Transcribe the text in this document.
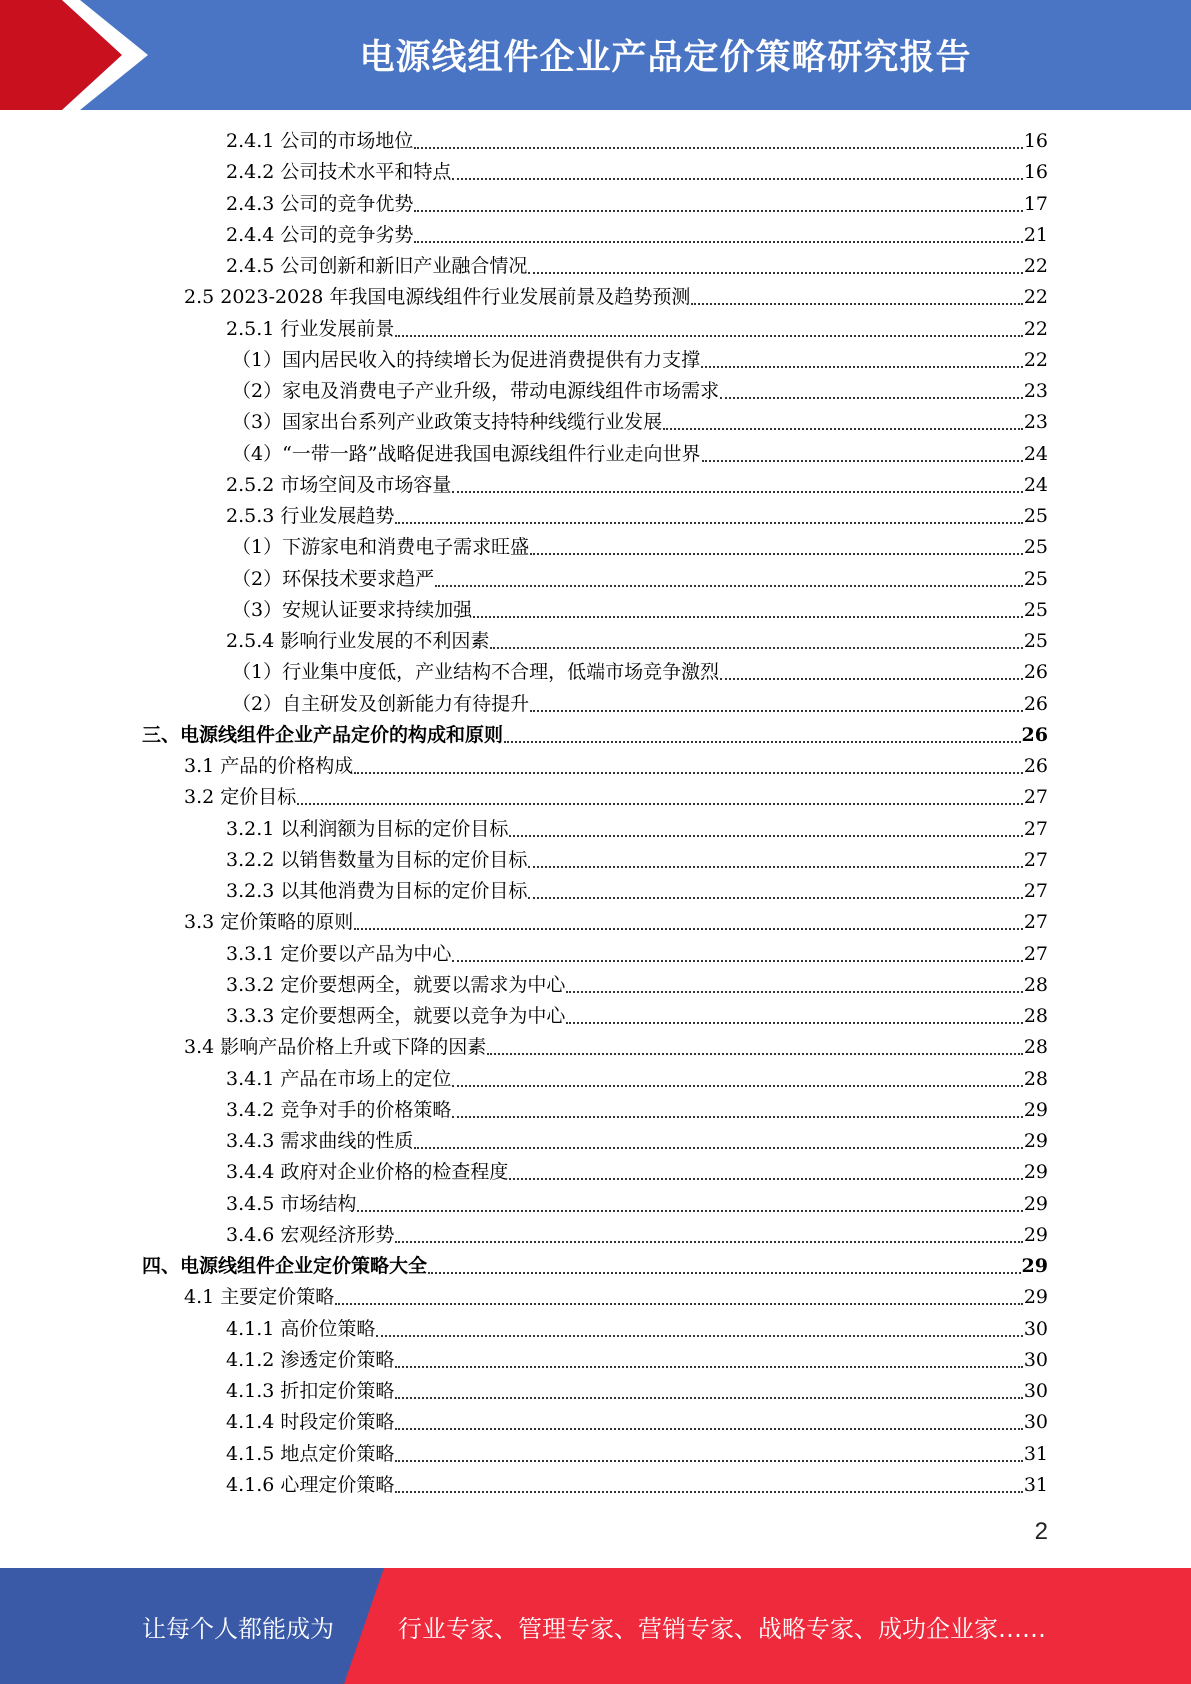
电源线组件企业产品定价策略研究报告
2.4.1 公司的市场地位	16
2.4.2 公司技术水平和特点	16
2.4.3 公司的竞争优势	17
2.4.4 公司的竞争劣势	21
2.4.5 公司创新和新旧产业融合情况	22
2.5 2023-2028 年我国电源线组件行业发展前景及趋势预测	22
2.5.1 行业发展前景	22
（1）国内居民收入的持续增长为促进消费提供有力支撑	22
（2）家电及消费电子产业升级，带动电源线组件市场需求	23
（3）国家出台系列产业政策支持特种线缆行业发展	23
（4）“一带一路”战略促进我国电源线组件行业走向世界	24
2.5.2 市场空间及市场容量	24
2.5.3 行业发展趋势	25
（1）下游家电和消费电子需求旺盛	25
（2）环保技术要求趋严	25
（3）安规认证要求持续加强	25
2.5.4 影响行业发展的不利因素	25
（1）行业集中度低，产业结构不合理，低端市场竞争激烈	26
（2）自主研发及创新能力有待提升	26
三、电源线组件企业产品定价的构成和原则	26
3.1 产品的价格构成	26
3.2 定价目标	27
3.2.1 以利润额为目标的定价目标	27
3.2.2 以销售数量为目标的定价目标	27
3.2.3 以其他消费为目标的定价目标	27
3.3 定价策略的原则	27
3.3.1 定价要以产品为中心	27
3.3.2 定价要想两全，就要以需求为中心	28
3.3.3 定价要想两全，就要以竞争为中心	28
3.4 影响产品价格上升或下降的因素	28
3.4.1 产品在市场上的定位	28
3.4.2 竞争对手的价格策略	29
3.4.3 需求曲线的性质	29
3.4.4 政府对企业价格的检查程度	29
3.4.5 市场结构	29
3.4.6 宏观经济形势	29
四、电源线组件企业定价策略大全	29
4.1 主要定价策略	29
4.1.1 高价位策略	30
4.1.2 渗透定价策略	30
4.1.3 折扣定价策略	30
4.1.4 时段定价策略	30
4.1.5 地点定价策略	31
4.1.6 心理定价策略	31
2
让每个人都能成为	行业专家、管理专家、营销专家、战略专家、成功企业家……
